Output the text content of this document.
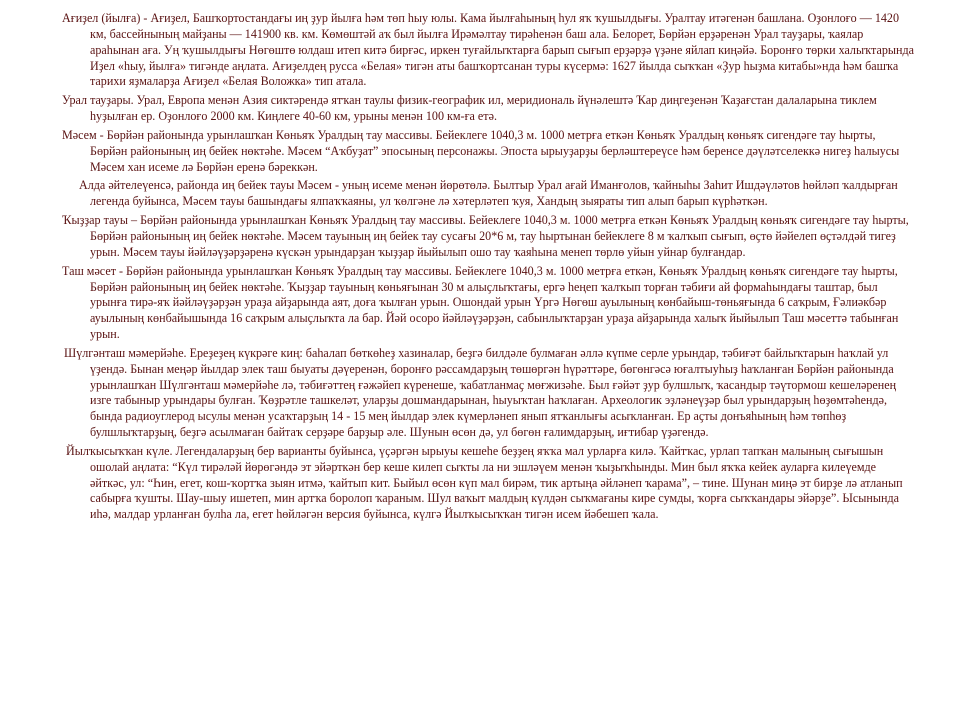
Ағиҙел (йылға) - Ағиҙел, Башҡортостандағы иң ҙур йылға һәм төп һыу юлы. Кама йылғаһының һул яҡ ҡушылдығы. Уралтау итәгенән башлана. Оҙонлоғо — 1420 км, бассейнының майҙаны — 141900 кв. км. Көмөштәй аҡ был йылға Ирәмәлтау тирәһенән баш ала. Белорет, Бөрйән ерҙәренән Урал тауҙары, ҡаялар араһынан аға. Уң ҡушылдығы Нөгөштө юлдаш итеп китә бирғәс, иркен туғайлыҡтарға барып сығып ерҙәрҙә үҙәне яйлап киңәйә. Боронғо төрки халыҡтарында Иҙел «һыу, йылға» тигәнде аңлата. Ағиҙелдең русса «Белая» тигән аты башҡортсанан туры күсермә: 1627 йылда сыҡҡан «Ҙур һыҙма китабы»нда һәм башҡа тарихи яҙмаларҙа Ағиҙел «Белая Воложка» тип атала.

Урал тауҙары. Урал, Европа менән Азия сиктәрендә ятҡан таулы физик-географик ил, меридиональ йүнәлештә Ҡар диңгеҙенән Ҡаҙағстан далаларына тиклем һуҙылған ер. Оҙонлоғо 2000 км. Киңлеге 40-60 км, урыны менән 100 км-ға етә.

Мәсем - Бөрйән районында урынлашҡан Көньяҡ Уралдың тау массивы. Бейеклеге 1040,3 м. 1000 метрға еткән Көньяҡ Уралдың көньяҡ сигендәге тау һырты, Бөрйән районының иң бейек нөктәһе. Мәсем “Аҡбуҙат” эпосының персонажы. Эпоста ырыуҙарҙы берләштереүсе һәм беренсе дәүләтселеккә нигеҙ һалыусы Мәсем хан исеме лә Бөрйән еренә бәреккән.

Алда әйтелеүенсә, районда иң бейек тауы Мәсем - уның исеме менән йөрөтөлә. Былтыр Урал ағай Иманғолов, ҡайныһы Заһит Ишдәүләтов һөйләп ҡалдырған легенда буйынса, Мәсем тауы башындағы ялпаҡҡаяны, ул ҡөлгәне лә хәтерләтеп ҡуя, Хандың зыяраты тип алып барып күрһәткән.

Ҡыҙҙар тауы – Бөрйән районында урынлашҡан Көньяҡ Уралдың тау массивы. Бейеклеге 1040,3 м. 1000 метрға еткән Көньяҡ Уралдың көньяҡ сигендәге тау һырты, Бөрйән районының иң бейек нөктәһе. Мәсем тауының иң бейек тау сусағы 20*6 м, тау һыртынан бейеклеге 8 м ҡалҡып сығып, өҫтө йәйелеп өҫтәлдәй тигеҙ урын. Мәсем тауы йәйләүҙәрҙәренә күскән урындарҙан ҡыҙҙар йыйылып ошо тау ҡаяһына менеп төрлө уйын уйнар булғандар.

Таш мәсет - Бөрйән районында урынлашҡан Көньяҡ Уралдың тау массивы. Бейеклеге 1040,3 м. 1000 метрға еткән, Көньяҡ Уралдың көньяҡ сигендәге тау һырты, Бөрйән районының иң бейек нөктәһе. Ҡыҙҙар тауының көньяғынан 30 м алыҫлыҡтағы, ергә һеңеп ҡалҡып торған тәбиғи ай формаһындағы таштар, был урынға тирә-яҡ йәйләүҙәрҙән ураҙа айҙарында аят, доға ҡылған урын. Ошондай урын Үргә Нөгөш ауылының көнбайыш-төньяғында 6 саҡрым, Ғәлиәкбәр ауылының көнбайышында 16 саҡрым алыҫлыҡта ла бар. Йәй осоро йәйләүҙәрҙән, сабынлыҡтарҙан ураҙа айҙарында халыҡ йыйылып Таш мәсеттә табынған урын.

Шүлгәнташ мәмерйәһе. Ереҙеҙең күкрәге киң: баһалап бөткөһеҙ хазиналар, беҙгә билдәле булмаған әллә күпме серле урындар, тәбиғәт байлыҡтарын һаҡлай ул үҙендә. Бынан меңәр йылдар элек таш быуаты дәүеренән, боронғо рәссамдарҙың төшөргән һүрәттәре, бөгөнгәсә юғалтыуһыҙ һаҡланған Бөрйән районында урынлашҡан Шүлгәнташ мәмерйәһе лә, тәбиғәттең ғәжәйеп күренеше, ҡабатланмаҫ мөғжизәһе. Был ғәйәт ҙур булшлыҡ, ҡасандыр тәүтормош кешеләренең изге табыныр урындары булған. Ҡөҙрәтле ташкеләт, уларҙы дошмандарынан, һыуыҡтан һаҡлаған. Археологик эҙләнеүҙәр был урындарҙың һөҙөмтәһендә, бында радиоуглерод ысулы менән усаҡтарҙың 14 - 15 мең йылдар элек күмерләнеп янып ятҡанлығы асыҡланған. Ер аҫты донъяһының һәм төпһөҙ булшлыҡтарҙың, беҙгә асылмаған байтаҡ серҙәре барҙыр әле. Шунын өсөн дә, ул бөгөн ғалимдарҙың, иғтибар үҙәгендә.

Йылҡысыҡҡан күле. Легендаларҙың бер варианты буйынса, үҫәргән ырыуы кешеһе беҙҙең яҡҡа мал урларға килә. Ҡайтҡас, урлап тапҡан малының сығышын ошолай аңлата: “Күл тирәләй йөрөгәндә эт эйәрткән бер кеше килеп сыҡты ла ни эшләүем менән ҡыҙыҡһынды. Мин был яҡҡа кейек ауларға килеүемде әйткәс, ул: “Һин, егет, кош-ҡортҡа зыян итмә, ҡайтып кит. Быйыл өсөн күп мал бирәм, тик артыңа әйләнеп ҡарама”, – тине. Шунан миңә эт бирҙе лә атланып сабырға ҡушты. Шау-шыу ишетеп, мин артҡа боролоп ҡараным. Шул ваҡыт малдың күлдән сыҡмағаны кире сумды, ҡорға сыҡҡандары эйәрҙе”. Ысынында иһә, малдар урланған булһа ла, егет һөйләгән версия буйынса, күлгә Йылҡысыҡҡан тигән исем йәбешеп ҡала.
